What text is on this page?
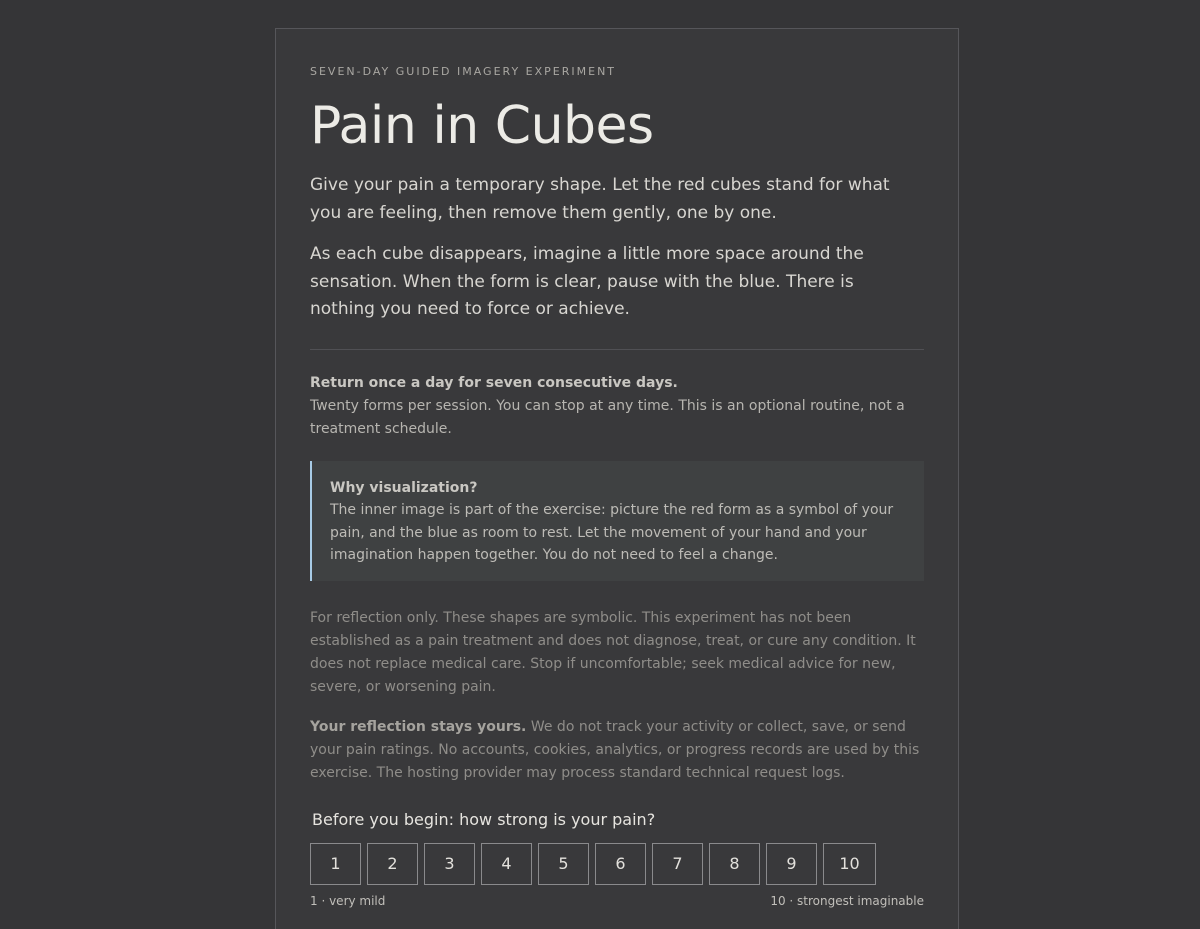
SEVEN-DAY GUIDED IMAGERY EXPERIMENT
Pain in Cubes

Give your pain a temporary shape. Let the red cubes stand for what you are feeling, then remove them gently, one by one.

As each cube disappears, imagine a little more space around the sensation. When the form is clear, pause with the blue. There is nothing you need to force or achieve.

Return once a day for seven consecutive days.
Twenty forms per session. You can stop at any time. This is an optional routine, not a treatment schedule.

Why visualization?
The inner image is part of the exercise: picture the red form as a symbol of your pain, and the blue as room to rest. Let the movement of your hand and your imagination happen together. You do not need to feel a change.

For reflection only. These shapes are symbolic. This experiment has not been established as a pain treatment and does not diagnose, treat, or cure any condition. It does not replace medical care. Stop if uncomfortable; seek medical advice for new, severe, or worsening pain.

Your reflection stays yours. We do not track your activity or collect, save, or send your pain ratings. No accounts, cookies, analytics, or progress records are used by this exercise. The hosting provider may process standard technical request logs.

Before you begin: how strong is your pain?
1	2	3	4	5	6	7	8	9	10
1 · very mild	10 · strongest imaginable
